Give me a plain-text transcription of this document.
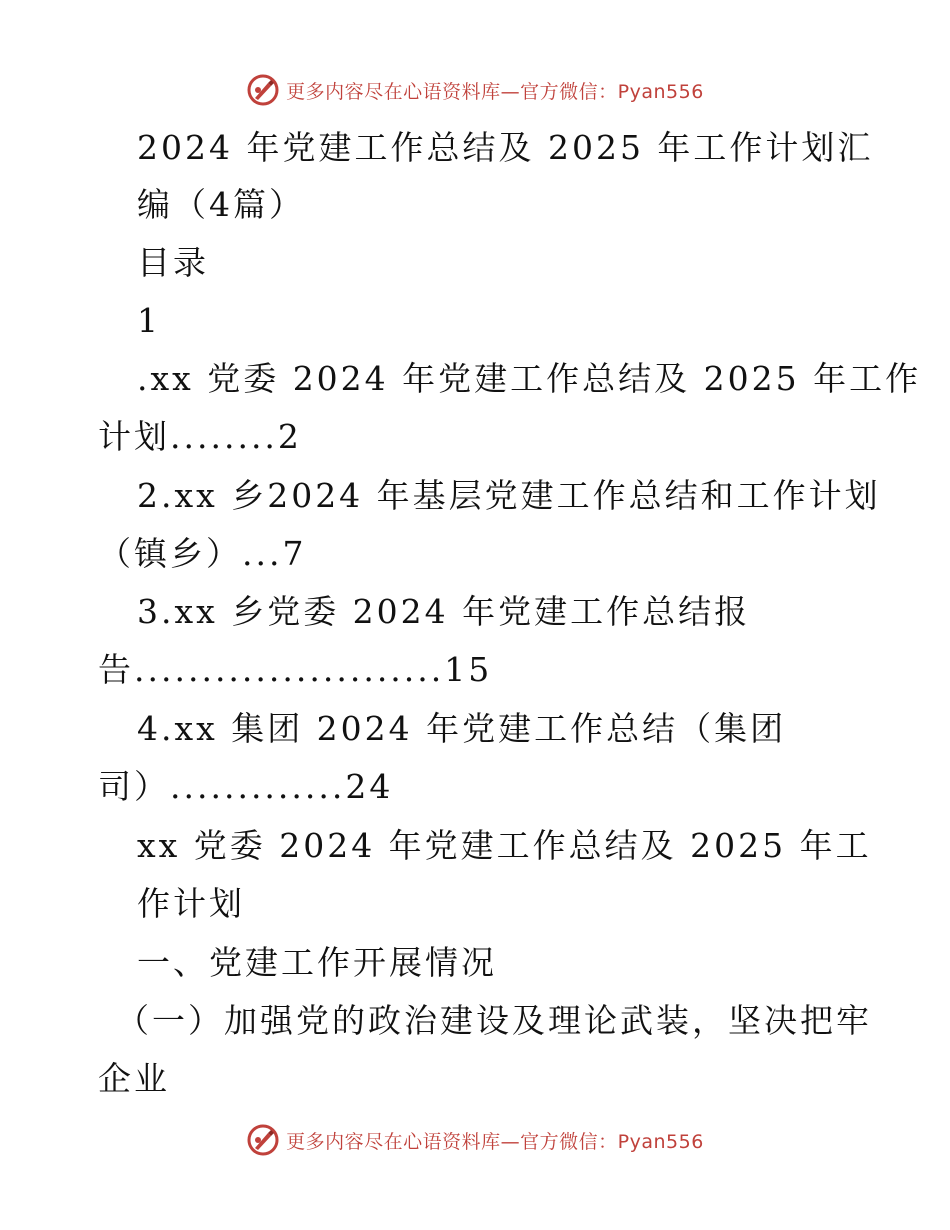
更多内容尽在心语资料库—官方微信：Pyan556
2024 年党建工作总结及 2025 年工作计划汇
编（4篇）
目录
1
.xx 党委 2024 年党建工作总结及 2025 年工作
计划........2
2.xx 乡2024 年基层党建工作总结和工作计划
（镇乡）...7
3.xx 乡党委 2024 年党建工作总结报
告.......................15
4.xx 集团 2024 年党建工作总结（集团
司）.............24
xx 党委 2024 年党建工作总结及 2025 年工
作计划
一、党建工作开展情况
（一）加强党的政治建设及理论武装，坚决把牢
企业
更多内容尽在心语资料库—官方微信：Pyan556
